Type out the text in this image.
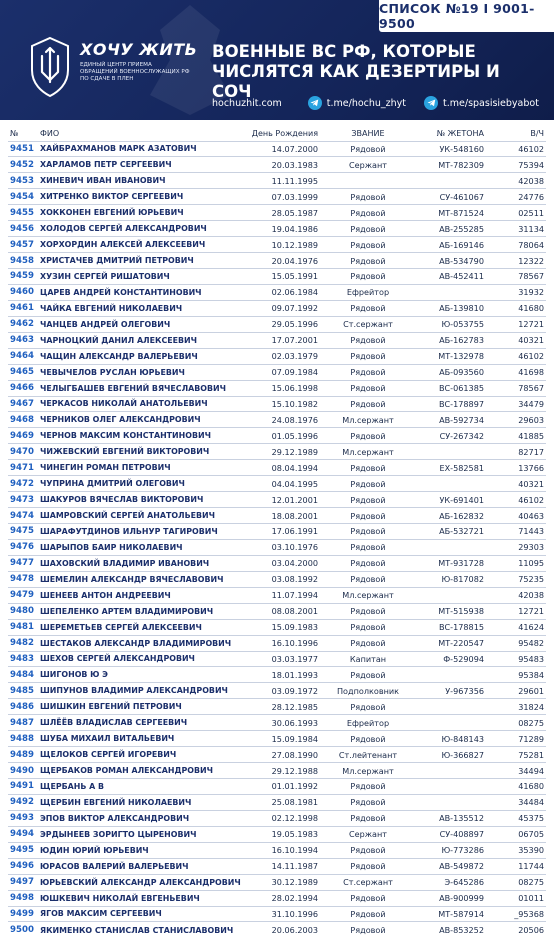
СПИСОК №19 І 9001-9500
ХОЧУ ЖИТЬ
ЕДИНЫЙ ЦЕНТР ПРИЕМА ОБРАЩЕНИЙ ВОЕННОСЛУЖАЩИХ РФ ПО СДАЧЕ В ПЛЕН
ВОЕННЫЕ ВС РФ, КОТОРЫЕ
ЧИСЛЯТСЯ КАК ДЕЗЕРТИРЫ И СОЧ
hochuzhit.com	t.me/hochu_zhyt	t.me/spasisiebyabot
№	ФИО	День Рождения	ЗВАНИЕ	№ ЖЕТОНА	В/Ч
9451	ХАЙБРАХМАНОВ МАРК АЗАТОВИЧ	14.07.2000	Рядовой	УК-548160	46102
9452	ХАРЛАМОВ ПЕТР СЕРГЕЕВИЧ	20.03.1983	Сержант	МТ-782309	75394
9453	ХИНЕВИЧ ИВАН ИВАНОВИЧ	11.11.1995			42038
9454	ХИТРЕНКО ВИКТОР СЕРГЕЕВИЧ	07.03.1999	Рядовой	СУ-461067	24776
9455	ХОККОНЕН ЕВГЕНИЙ ЮРЬЕВИЧ	28.05.1987	Рядовой	МТ-871524	02511
9456	ХОЛОДОВ СЕРГЕЙ АЛЕКСАНДРОВИЧ	19.04.1986	Рядовой	АВ-255285	31134
9457	ХОРХОРДИН АЛЕКСЕЙ АЛЕКСЕЕВИЧ	10.12.1989	Рядовой	АБ-169146	78064
9458	ХРИСТАЧЕВ ДМИТРИЙ ПЕТРОВИЧ	20.04.1976	Рядовой	АВ-534790	12322
9459	ХУЗИН СЕРГЕЙ РИШАТОВИЧ	15.05.1991	Рядовой	АВ-452411	78567
9460	ЦАРЕВ АНДРЕЙ КОНСТАНТИНОВИЧ	02.06.1984	Ефрейтор		31932
9461	ЧАЙКА ЕВГЕНИЙ НИКОЛАЕВИЧ	09.07.1992	Рядовой	АБ-139810	41680
9462	ЧАНЦЕВ АНДРЕЙ ОЛЕГОВИЧ	29.05.1996	Ст.сержант	Ю-053755	12721
9463	ЧАРНОЦКИЙ ДАНИЛ АЛЕКСЕЕВИЧ	17.07.2001	Рядовой	АБ-162783	40321
9464	ЧАЩИН АЛЕКСАНДР ВАЛЕРЬЕВИЧ	02.03.1979	Рядовой	МТ-132978	46102
9465	ЧЕВЫЧЕЛОВ РУСЛАН ЮРЬЕВИЧ	07.09.1984	Рядовой	АБ-093560	41698
9466	ЧЕЛЫГБАШЕВ ЕВГЕНИЙ ВЯЧЕСЛАВОВИЧ	15.06.1998	Рядовой	ВС-061385	78567
9467	ЧЕРКАСОВ НИКОЛАЙ АНАТОЛЬЕВИЧ	15.10.1982	Рядовой	ВС-178897	34479
9468	ЧЕРНИКОВ ОЛЕГ АЛЕКСАНДРОВИЧ	24.08.1976	Мл.сержант	АВ-592734	29603
9469	ЧЕРНОВ МАКСИМ КОНСТАНТИНОВИЧ	01.05.1996	Рядовой	СУ-267342	41885
9470	ЧИЖЕВСКИЙ ЕВГЕНИЙ ВИКТОРОВИЧ	29.12.1989	Мл.сержант		82717
9471	ЧИНЕГИН РОМАН ПЕТРОВИЧ	08.04.1994	Рядовой	ЕХ-582581	13766
9472	ЧУПРИНА ДМИТРИЙ ОЛЕГОВИЧ	04.04.1995	Рядовой		40321
9473	ШАКУРОВ ВЯЧЕСЛАВ ВИКТОРОВИЧ	12.01.2001	Рядовой	УК-691401	46102
9474	ШАМРОВСКИЙ СЕРГЕЙ АНАТОЛЬЕВИЧ	18.08.2001	Рядовой	АБ-162832	40463
9475	ШАРАФУТДИНОВ ИЛЬНУР ТАГИРОВИЧ	17.06.1991	Рядовой	АБ-532721	71443
9476	ШАРЫПОВ БАИР НИКОЛАЕВИЧ	03.10.1976	Рядовой		29303
9477	ШАХОВСКИЙ ВЛАДИМИР ИВАНОВИЧ	03.04.2000	Рядовой	МТ-931728	11095
9478	ШЕМЕЛИН АЛЕКСАНДР ВЯЧЕСЛАВОВИЧ	03.08.1992	Рядовой	Ю-817082	75235
9479	ШЕНЕЕВ АНТОН АНДРЕЕВИЧ	11.07.1994	Мл.сержант		42038
9480	ШЕПЕЛЕНКО АРТЕМ ВЛАДИМИРОВИЧ	08.08.2001	Рядовой	МТ-515938	12721
9481	ШЕРЕМЕТЬЕВ СЕРГЕЙ АЛЕКСЕЕВИЧ	15.09.1983	Рядовой	ВС-178815	41624
9482	ШЕСТАКОВ АЛЕКСАНДР ВЛАДИМИРОВИЧ	16.10.1996	Рядовой	МТ-220547	95482
9483	ШЕХОВ СЕРГЕЙ АЛЕКСАНДРОВИЧ	03.03.1977	Капитан	Ф-529094	95483
9484	ШИГОНОВ Ю Э	18.01.1993	Рядовой		95384
9485	ШИПУНОВ ВЛАДИМИР АЛЕКСАНДРОВИЧ	03.09.1972	Подполковник	У-967356	29601
9486	ШИШКИН ЕВГЕНИЙ ПЕТРОВИЧ	28.12.1985	Рядовой		31824
9487	ШЛЁЁВ ВЛАДИСЛАВ СЕРГЕЕВИЧ	30.06.1993	Ефрейтор		08275
9488	ШУБА МИХАИЛ ВИТАЛЬЕВИЧ	15.09.1984	Рядовой	Ю-848143	71289
9489	ЩЕЛОКОВ СЕРГЕЙ ИГОРЕВИЧ	27.08.1990	Ст.лейтенант	Ю-366827	75281
9490	ЩЕРБАКОВ РОМАН АЛЕКСАНДРОВИЧ	29.12.1988	Мл.сержант		34494
9491	ЩЕРБАНЬ А В	01.01.1992	Рядовой		41680
9492	ЩЕРБИН ЕВГЕНИЙ НИКОЛАЕВИЧ	25.08.1981	Рядовой		34484
9493	ЭПОВ ВИКТОР АЛЕКСАНДРОВИЧ	02.12.1998	Рядовой	АВ-135512	45375
9494	ЭРДЫНЕЕВ ЗОРИГТО ЦЫРЕНОВИЧ	19.05.1983	Сержант	СУ-408897	06705
9495	ЮДИН ЮРИЙ ЮРЬЕВИЧ	16.10.1994	Рядовой	Ю-773286	35390
9496	ЮРАСОВ ВАЛЕРИЙ ВАЛЕРЬЕВИЧ	14.11.1987	Рядовой	АВ-549872	11744
9497	ЮРЬЕВСКИЙ АЛЕКСАНДР АЛЕКСАНДРОВИЧ	30.12.1989	Ст.сержант	Э-645286	08275
9498	ЮШКЕВИЧ НИКОЛАЙ ЕВГЕНЬЕВИЧ	28.02.1994	Рядовой	АВ-900999	01011
9499	ЯГОВ МАКСИМ СЕРГЕЕВИЧ	31.10.1996	Рядовой	МТ-587914	_95368
9500	ЯКИМЕНКО СТАНИСЛАВ СТАНИСЛАВОВИЧ	20.06.2003	Рядовой	АВ-853252	20506
